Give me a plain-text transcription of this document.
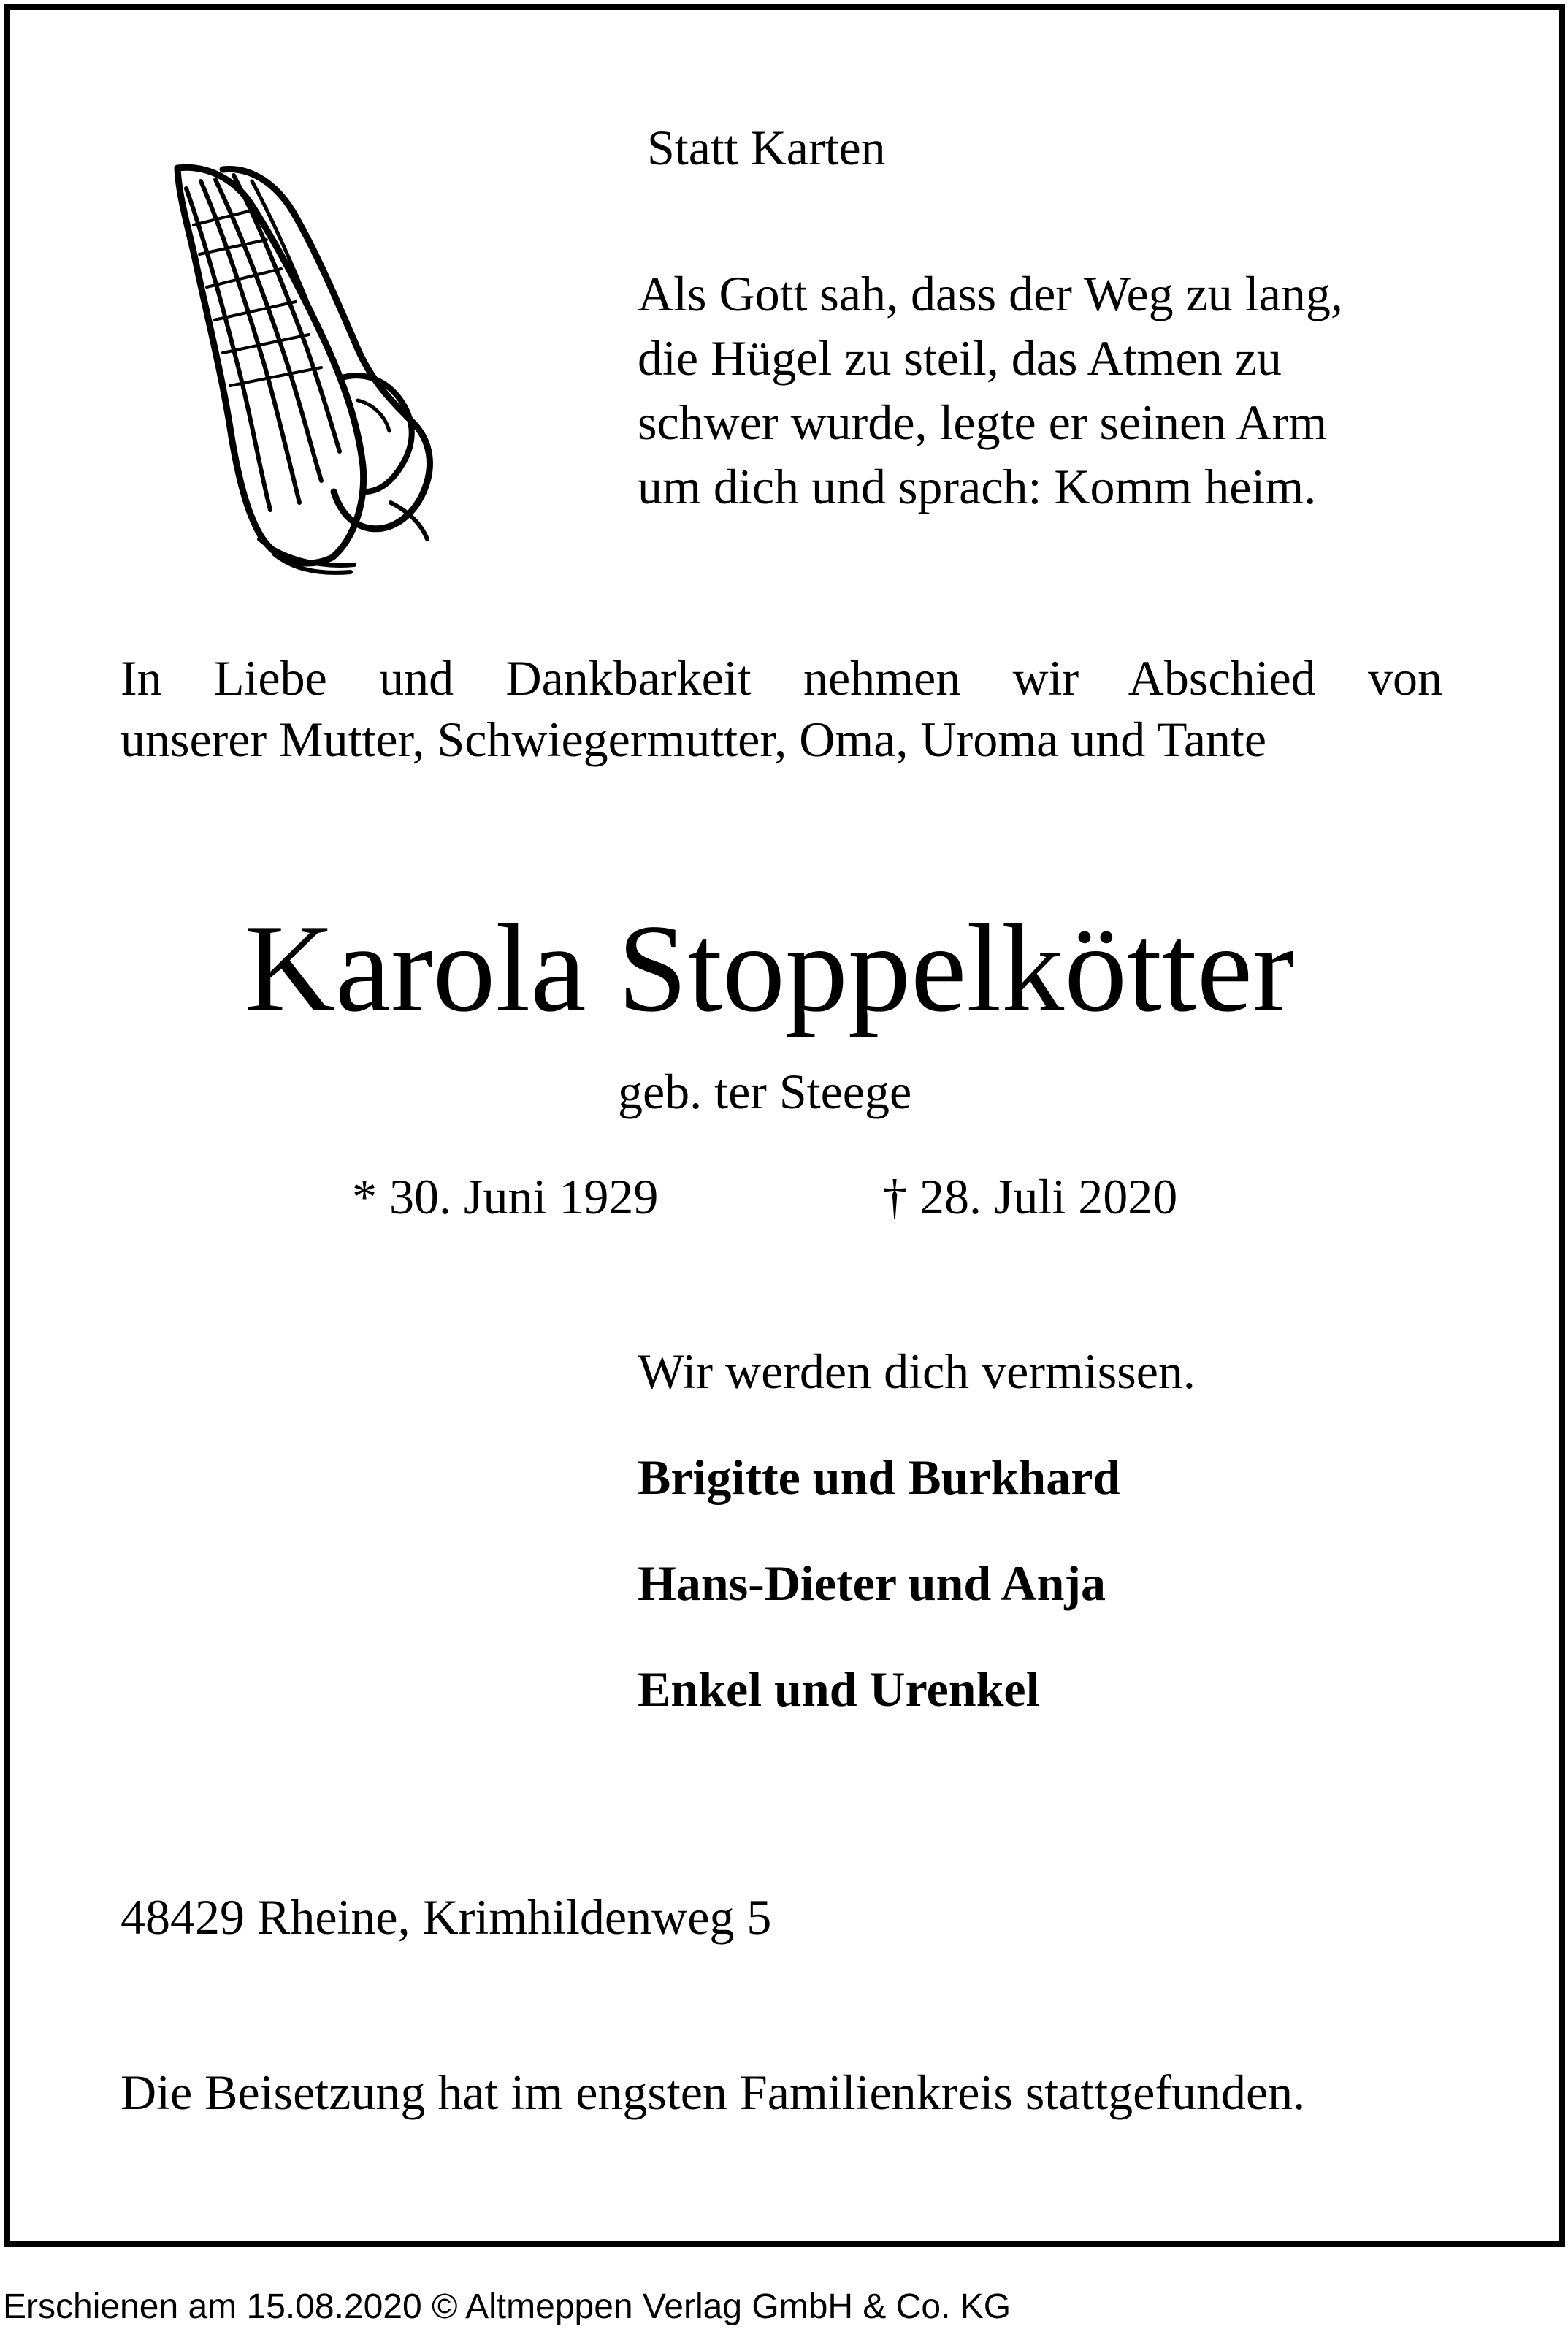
Statt Karten
Als Gott sah, dass der Weg zu lang,
die Hügel zu steil, das Atmen zu
schwer wurde, legte er seinen Arm
um dich und sprach: Komm heim.
In Liebe und Dankbarkeit nehmen wir Abschied von
unserer Mutter, Schwiegermutter, Oma, Uroma und Tante
Karola Stoppelkötter
geb. ter Steege
* 30. Juni 1929	† 28. Juli 2020
Wir werden dich vermissen.
Brigitte und Burkhard
Hans-Dieter und Anja
Enkel und Urenkel
48429 Rheine, Krimhildenweg 5
Die Beisetzung hat im engsten Familienkreis stattgefunden.
Erschienen am 15.08.2020 © Altmeppen Verlag GmbH & Co. KG
